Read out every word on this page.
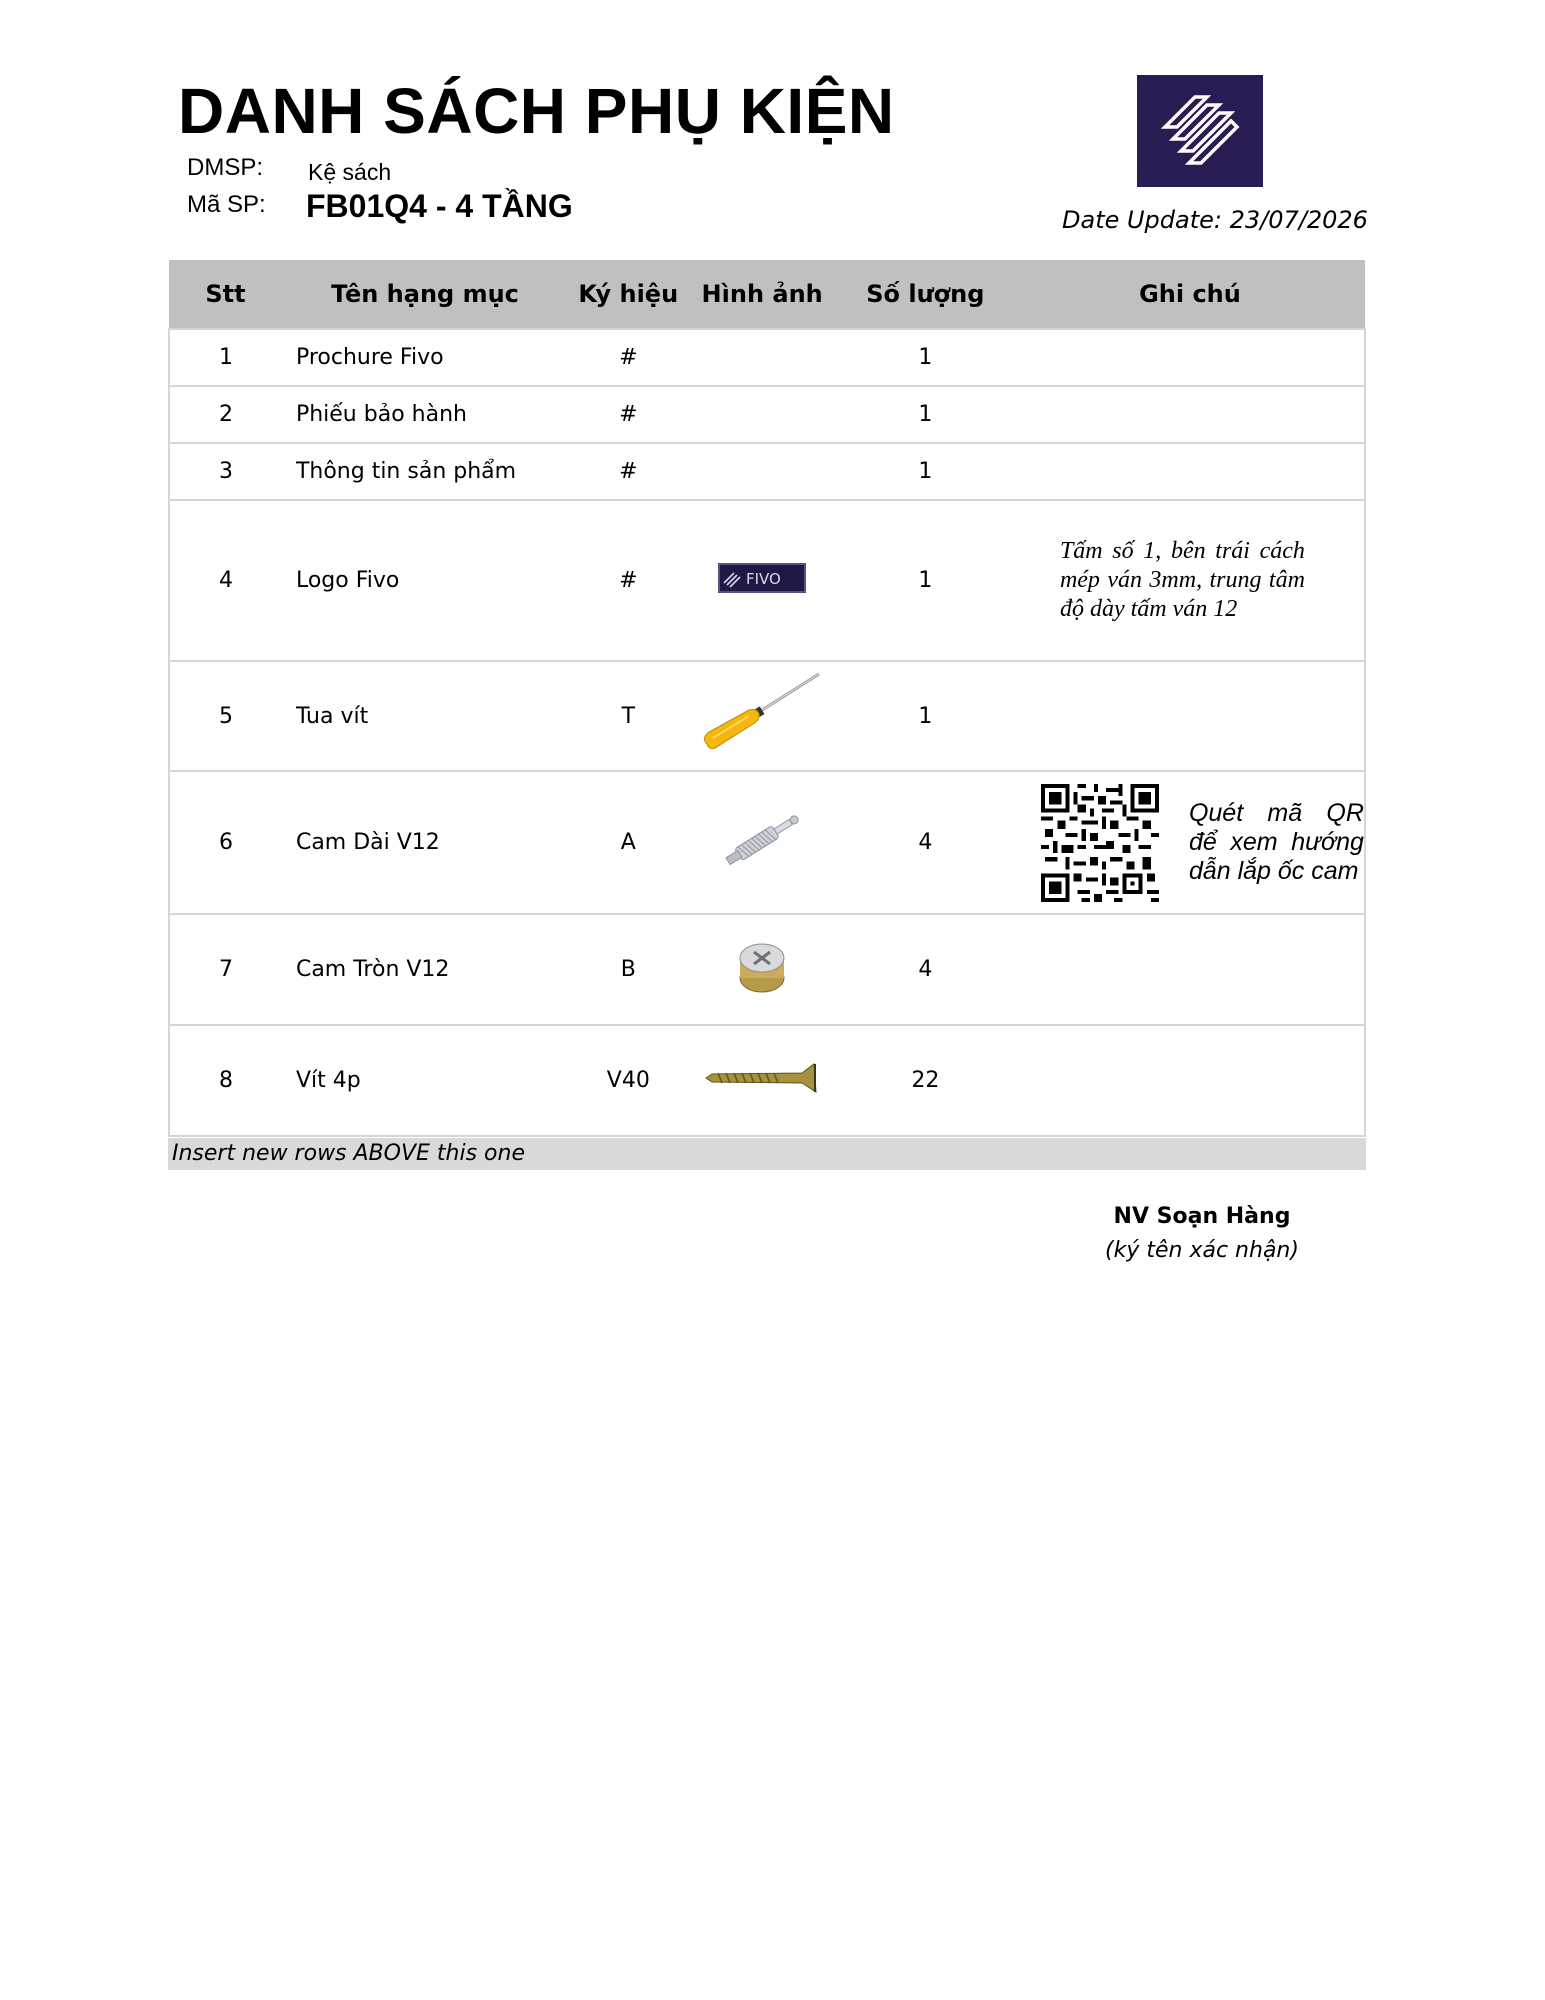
DANH SÁCH PHỤ KIỆN
DMSP: Kệ sách
Mã SP: FB01Q4 - 4 TẦNG	Date Update: 23/07/2026
Stt	Tên hạng mục	Ký hiệu	Hình ảnh	Số lượng	Ghi chú
1	Prochure Fivo	#		1	
2	Phiếu bảo hành	#		1	
3	Thông tin sản phẩm	#		1	
4	Logo Fivo	#	FIVO	1	Tấm số 1, bên trái cách mép ván 3mm, trung tâm độ dày tấm ván 12

5	Tua vít	T		1	
6	Cam Dài V12	A		4	Quét mã QR để xem hướng dẫn lắp ốc cam

7	Cam Tròn V12	B		4	
8	Vít 4p	V40		22	
Insert new rows ABOVE this one
NV Soạn Hàng
(ký tên xác nhận)
